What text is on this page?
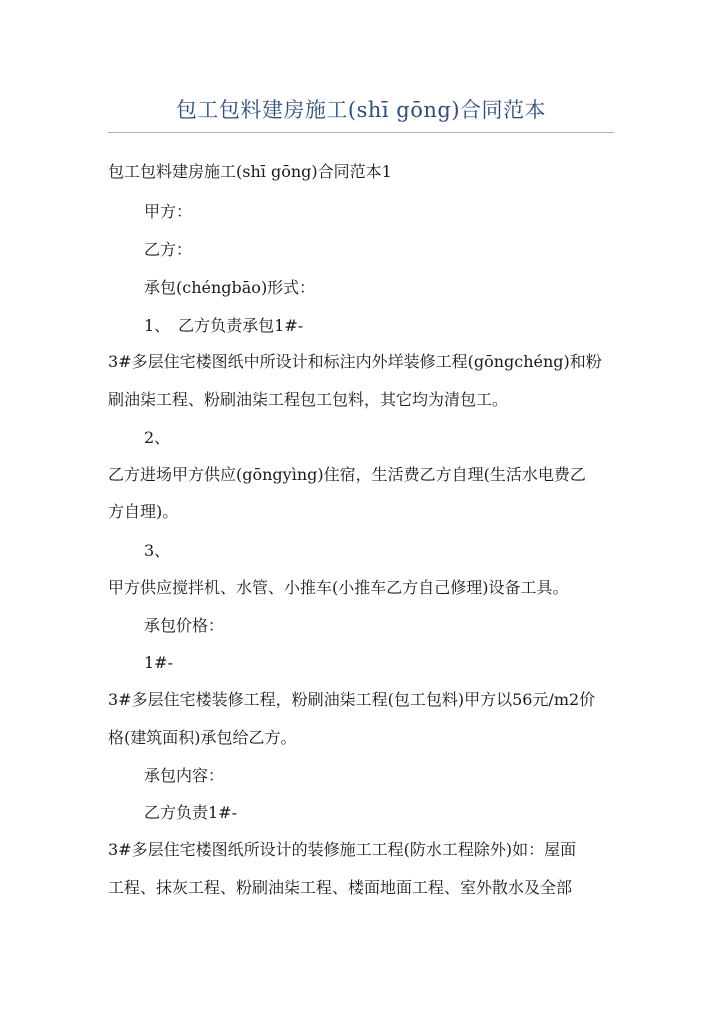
包工包料建房施工(shī gōng)合同范本
包工包料建房施工(shī gōng)合同范本1
甲方：
乙方：
承包(chéngbāo)形式：
1、　乙方负责承包1#-
3#多层住宅楼图纸中所设计和标注内外垟装修工程(gōngchéng)和粉
刷油柒工程、粉刷油柒工程包工包料，其它均为清包工。
2、
乙方进场甲方供应(gōngyìng)住宿，生活费乙方自理(生活水电费乙
方自理)。
3、
甲方供应搅拌机、水管、小推车(小推车乙方自己修理)设备工具。
承包价格：
1#-
3#多层住宅楼装修工程，粉刷油柒工程(包工包料)甲方以56元/m2价
格(建筑面积)承包给乙方。
承包内容：
乙方负责1#-
3#多层住宅楼图纸所设计的装修施工工程(防水工程除外)如：屋面
工程、抹灰工程、粉刷油柒工程、楼面地面工程、室外散水及全部
